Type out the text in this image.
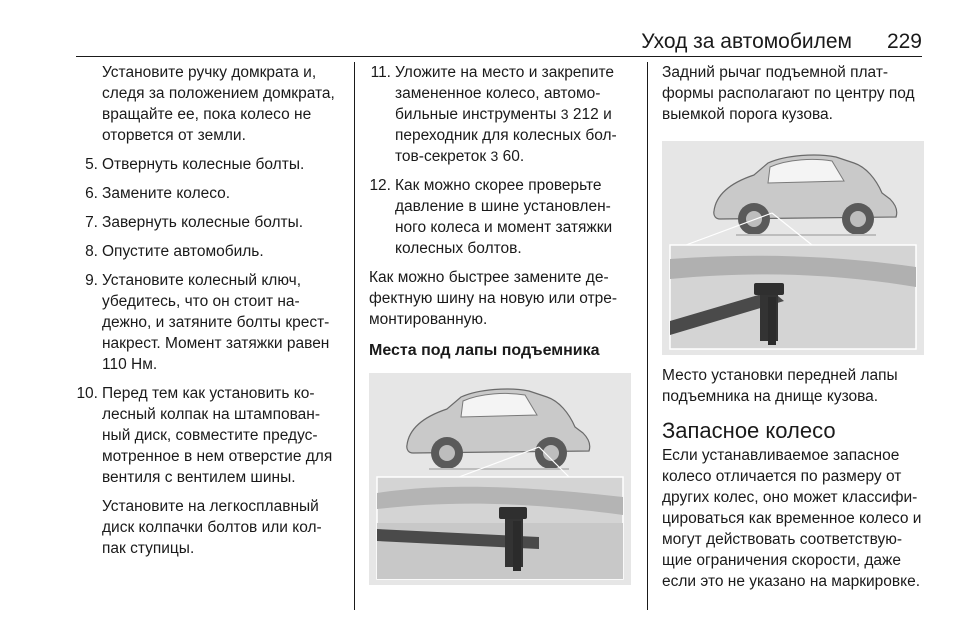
Уход за автомобилем 229
Установите ручку домкрата и,
следя за положением домкрата,
вращайте ее, пока колесо не
оторвется от земли.
5. Отвернуть колесные болты.
6. Замените колесо.
7. Завернуть колесные болты.
8. Опустите автомобиль.
9. Установите колесный ключ,
убедитесь, что он стоит на-
дежно, и затяните болты крест-
накрест. Момент затяжки равен
110 Нм.
10. Перед тем как установить ко-
лесный колпак на штампован-
ный диск, совместите предус-
мотренное в нем отверстие для
вентиля с вентилем шины.
Установите на легкосплавный
диск колпачки болтов или кол-
пак ступицы.
11. Уложите на место и закрепите
замененное колесо, автомо-
бильные инструменты 3 212 и
переходник для колесных бол-
тов-секреток 3 60.
12. Как можно скорее проверьте
давление в шине установлен-
ного колеса и момент затяжки
колесных болтов.
Как можно быстрее замените де-
фектную шину на новую или отре-
монтированную.
Места под лапы подъемника
Задний рычаг подъемной плат-
формы располагают по центру под
выемкой порога кузова.
Место установки передней лапы
подъемника на днище кузова.
Запасное колесо
Если устанавливаемое запасное
колесо отличается по размеру от
других колес, оно может классифи-
цироваться как временное колесо и
могут действовать соответствую-
щие ограничения скорости, даже
если это не указано на маркировке.
